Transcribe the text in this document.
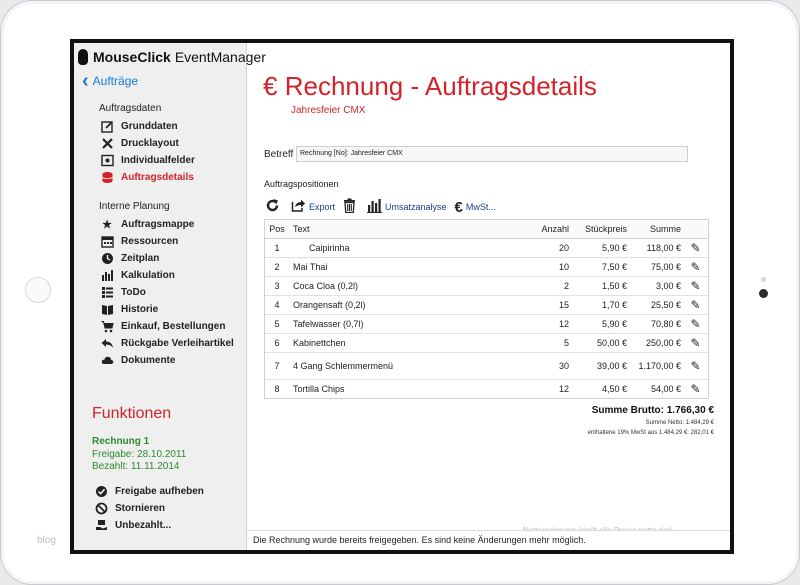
blog
MouseClick EventManager
‹ Aufträge
Auftragsdaten
Grunddaten
Drucklayout
Individualfelder
Auftragsdetails
Interne Planung
★ Auftragsmappe
Ressourcen
Zeitplan
Kalkulation
ToDo
Historie
Einkauf, Bestellungen
Rückgabe Verleihartikel
Dokumente
Funktionen
Rechnung 1
Freigabe: 28.10.2011
Bezahlt: 11.11.2014
Freigabe aufheben
Stornieren
Unbezahlt...
€ Rechnung - Auftragsdetails
Jahresfeier CMX
Betreff Rechnung [No]: Jahresfeier CMX
Auftragspositionen
Export	Umsatzanalyse € MwSt...
Pos Text	Anzahl	Stückpreis	Summe
1	Caipirinha	20	5,90 €	118,00 € ✎
2	Mai Thai	10	7,50 €	75,00 € ✎
3	Coca Cloa (0,2l)	2	1,50 €	3,00 € ✎
4	Orangensaft (0,2l)	15	1,70 €	25,50 € ✎
5	Tafelwasser (0,7l)	12	5,90 €	70,80 € ✎
6	Kabinettchen	5	50,00 €	250,00 € ✎
7	4 Gang Schlemmermenü	30	39,00 €	1.170,00 € ✎
8	Tortilla Chips	12	4,50 €	54,00 € ✎
Summe Brutto: 1.766,30 €
Summe Netto: 1.484,29 €
enthaltene 19% MwSt aus 1.484,29 €: 282,01 €
Die Rechnung wurde bereits freigegeben. Es sind keine Änderungen mehr möglich.
